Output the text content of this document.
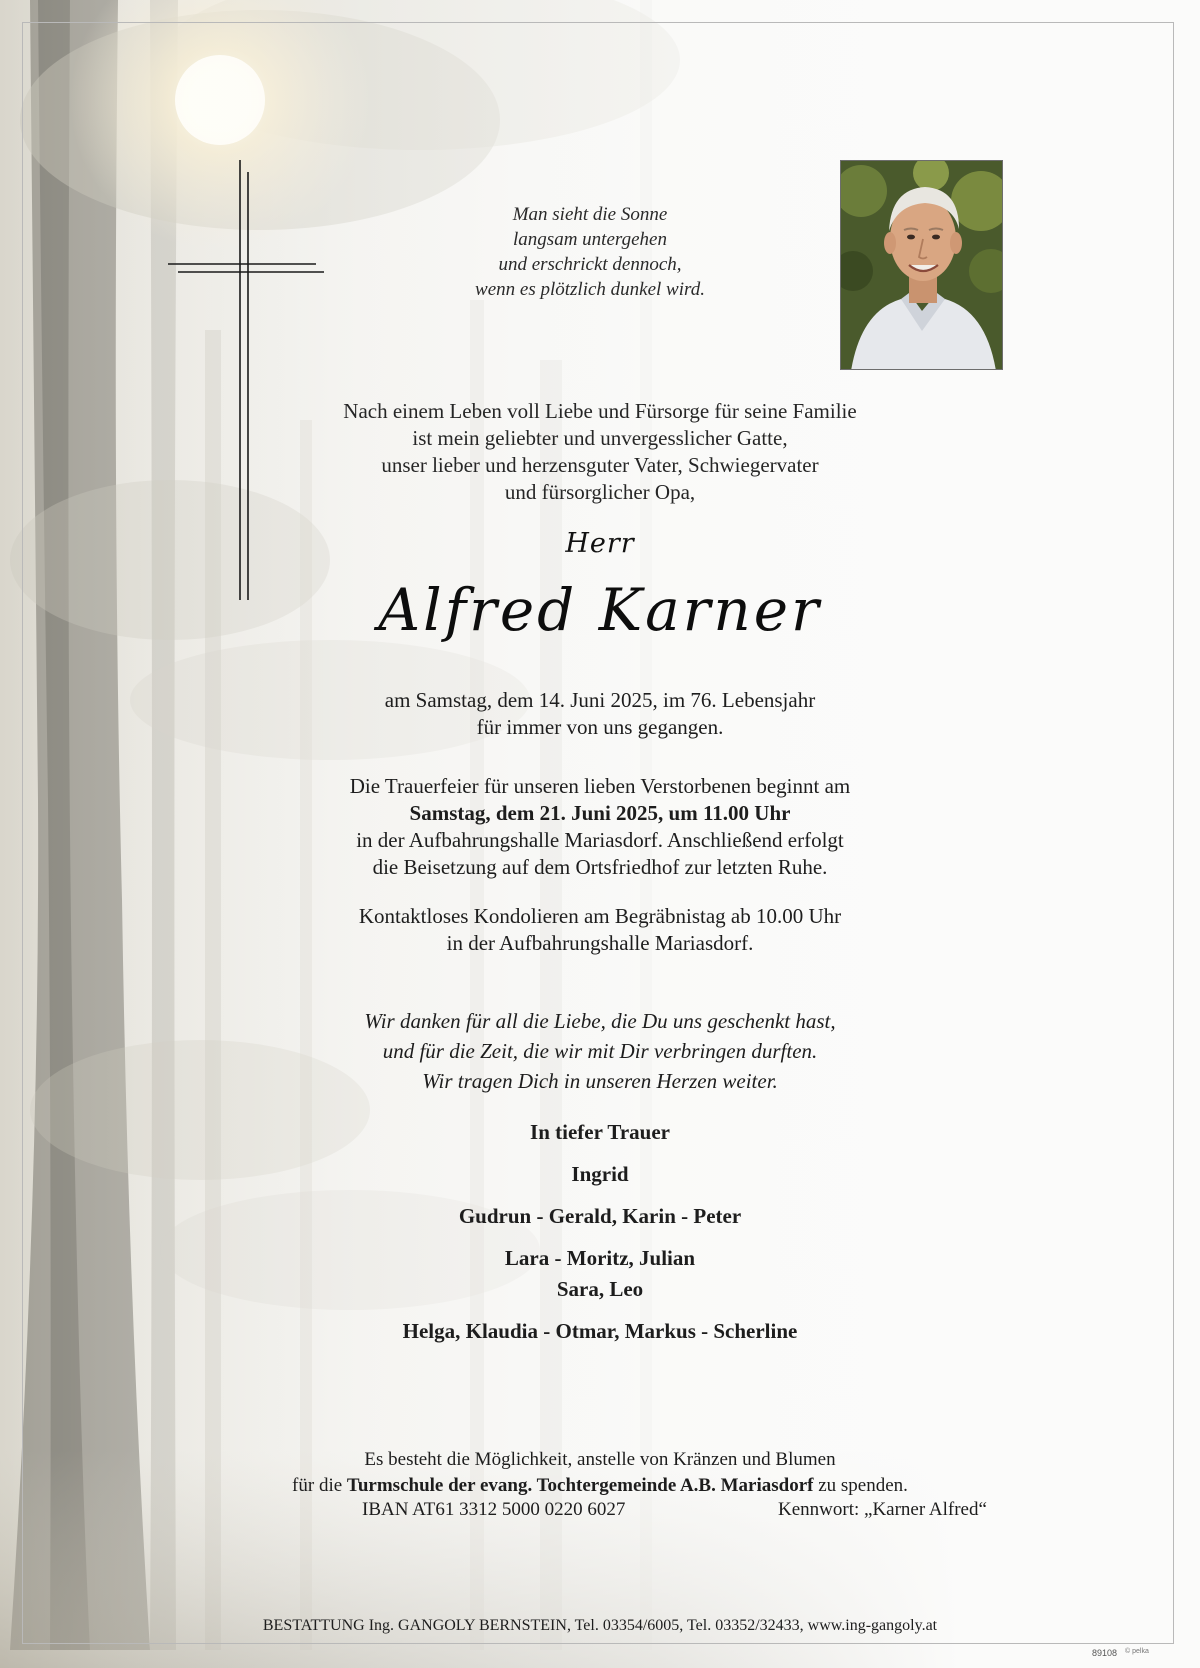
Man sieht die Sonne
langsam untergehen
und erschrickt dennoch,
wenn es plötzlich dunkel wird.
Nach einem Leben voll Liebe und Fürsorge für seine Familie
ist mein geliebter und unvergesslicher Gatte,
unser lieber und herzensguter Vater, Schwiegervater
und fürsorglicher Opa,
Herr
Alfred Karner
am Samstag, dem 14. Juni 2025, im 76. Lebensjahr
für immer von uns gegangen.
Die Trauerfeier für unseren lieben Verstorbenen beginnt am
Samstag, dem 21. Juni 2025, um 11.00 Uhr
in der Aufbahrungshalle Mariasdorf. Anschließend erfolgt
die Beisetzung auf dem Ortsfriedhof zur letzten Ruhe.
Kontaktloses Kondolieren am Begräbnistag ab 10.00 Uhr
in der Aufbahrungshalle Mariasdorf.
Wir danken für all die Liebe, die Du uns geschenkt hast,
und für die Zeit, die wir mit Dir verbringen durften.
Wir tragen Dich in unseren Herzen weiter.
In tiefer Trauer
Ingrid
Gudrun - Gerald, Karin - Peter
Lara - Moritz, Julian
Sara, Leo
Helga, Klaudia - Otmar, Markus - Scherline
Es besteht die Möglichkeit, anstelle von Kränzen und Blumen
für die Turmschule der evang. Tochtergemeinde A.B. Mariasdorf zu spenden.
IBAN AT61 3312 5000 0220 6027	Kennwort: „Karner Alfred“
BESTATTUNG Ing. GANGOLY BERNSTEIN, Tel. 03354/6005, Tel. 03352/32433, www.ing-gangoly.at
89108 © pelka
